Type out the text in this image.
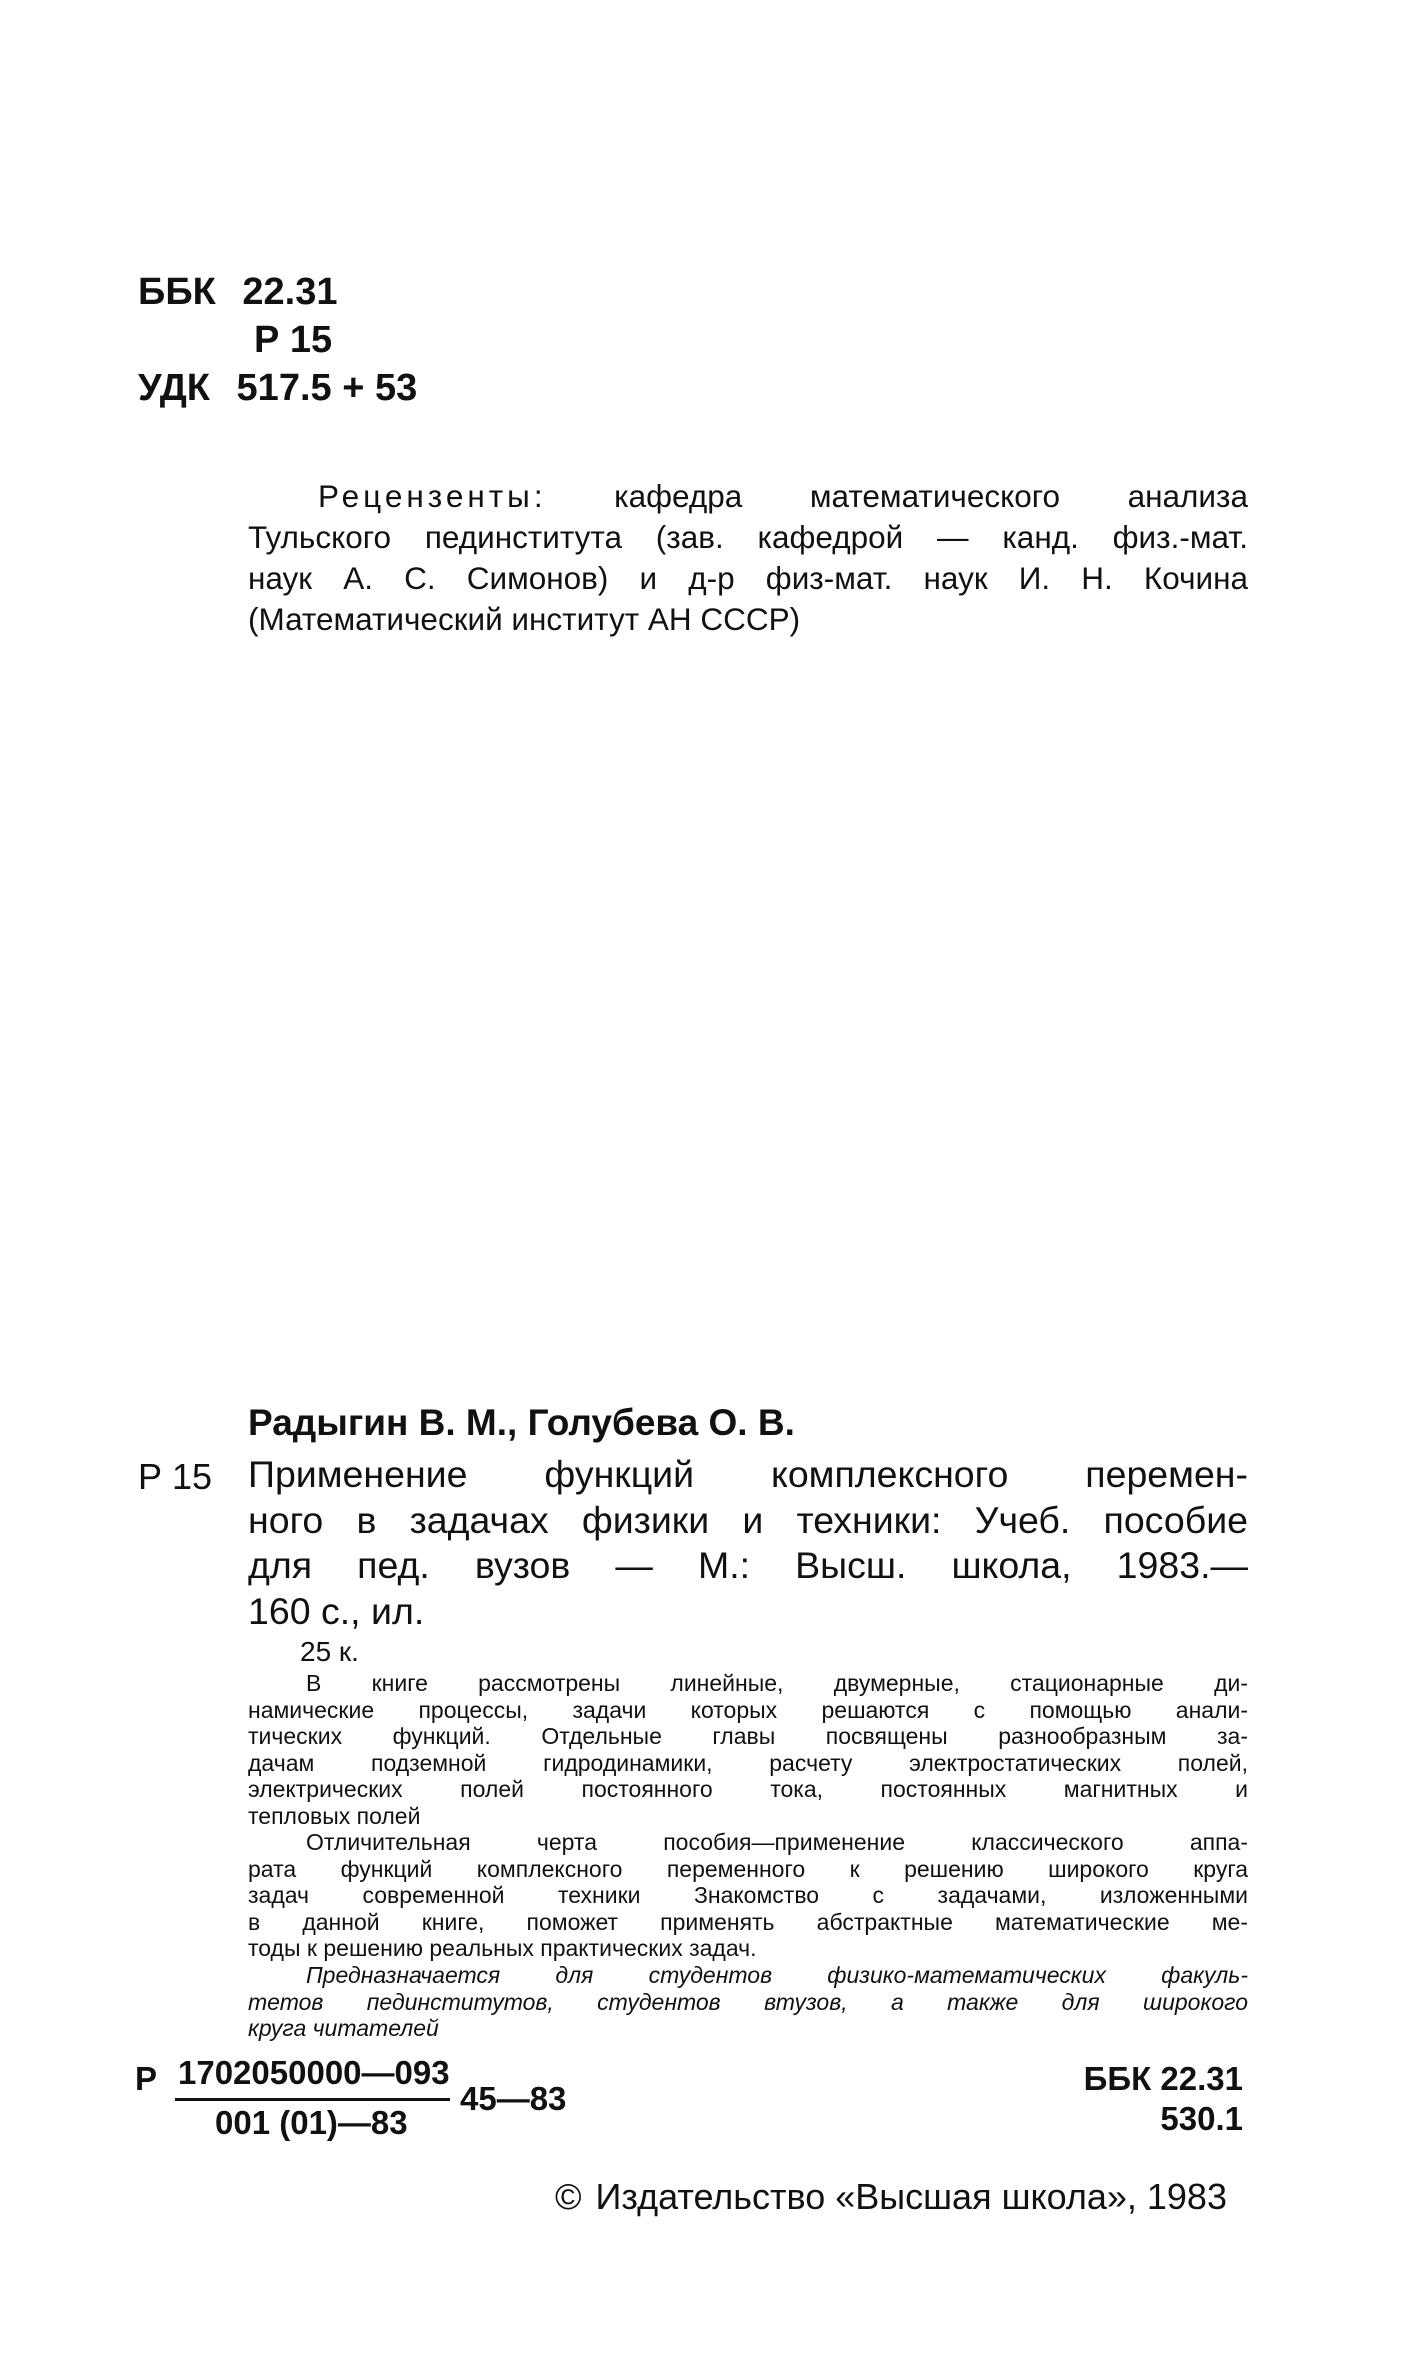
ББК 22.31
Р 15
УДК 517.5 + 53
Рецензенты: кафедра математического анализа
Тульского пединститута (зав. кафедрой — канд. физ.-мат.
наук А. С. Симонов) и д-р физ-мат. наук И. Н. Кочина
(Математический институт АН СССР)
Радыгин В. М., Голубева О. В.
Р 15 Применение функций комплексного перемен-
ного в задачах физики и техники: Учеб. пособие
для пед. вузов — М.: Высш. школа, 1983.—
160 с., ил.
25 к.
В книге рассмотрены линейные, двумерные, стационарные ди-
намические процессы, задачи которых решаются с помощью анали-
тических функций. Отдельные главы посвящены разнообразным за-
дачам подземной гидродинамики, расчету электростатических полей,
электрических полей постоянного тока, постоянных магнитных и
тепловых полей
Отличительная черта пособия—применение классического аппа-
рата функций комплексного переменного к решению широкого круга
задач современной техники Знакомство с задачами, изложенными
в данной книге, поможет применять абстрактные математические ме-
тоды к решению реальных практических задач.
Предназначается для студентов физико-математических факуль-
тетов пединститутов, студентов втузов, а также для широкого
круга читателей
Р 1702050000—093
001 (01)—83
45—83
ББК 22.31
530.1
© Издательство «Высшая школа», 1983
